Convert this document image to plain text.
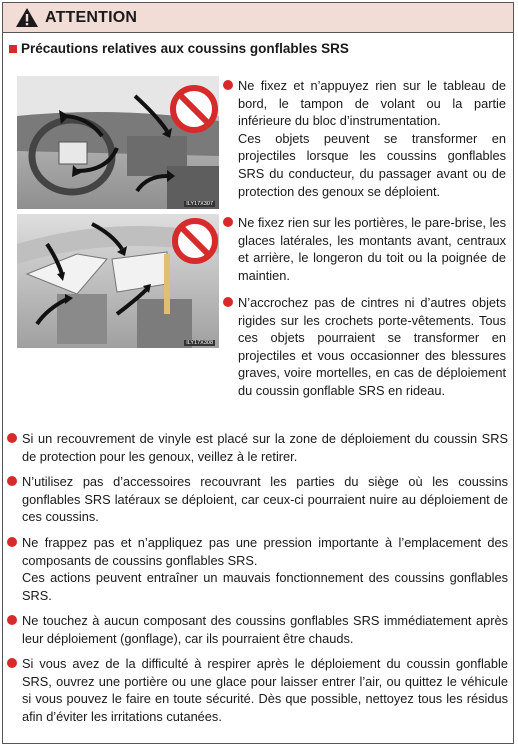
ATTENTION
Précautions relatives aux coussins gonflables SRS
ILY17X307
ILY17X308
Ne fixez et n’appuyez rien sur le tableau de bord, le tampon de volant ou la partie inférieure du bloc d’instrumentation.
Ces objets peuvent se transformer en projectiles lorsque les coussins gonflables SRS du conducteur, du passager avant ou de protection des genoux se déploient.
Ne fixez rien sur les portières, le pare-brise, les glaces latérales, les montants avant, centraux et arrière, le longeron du toit ou la poignée de maintien.
N’accrochez pas de cintres ni d’autres objets rigides sur les crochets porte-vêtements. Tous ces objets pourraient se transformer en projectiles et vous occasionner des blessures graves, voire mortelles, en cas de déploiement du coussin gonflable SRS en rideau.
Si un recouvrement de vinyle est placé sur la zone de déploiement du coussin SRS de protection pour les genoux, veillez à le retirer.
N’utilisez pas d’accessoires recouvrant les parties du siège où les coussins gonflables SRS latéraux se déploient, car ceux-ci pourraient nuire au déploiement de ces coussins.
Ne frappez pas et n’appliquez pas une pression importante à l’emplacement des composants de coussins gonflables SRS.
Ces actions peuvent entraîner un mauvais fonctionnement des coussins gonflables SRS.
Ne touchez à aucun composant des coussins gonflables SRS immédiatement après leur déploiement (gonflage), car ils pourraient être chauds.
Si vous avez de la difficulté à respirer après le déploiement du coussin gonflable SRS, ouvrez une portière ou une glace pour laisser entrer l’air, ou quittez le véhicule si vous pouvez le faire en toute sécurité. Dès que possible, nettoyez tous les résidus afin d’éviter les irritations cutanées.
